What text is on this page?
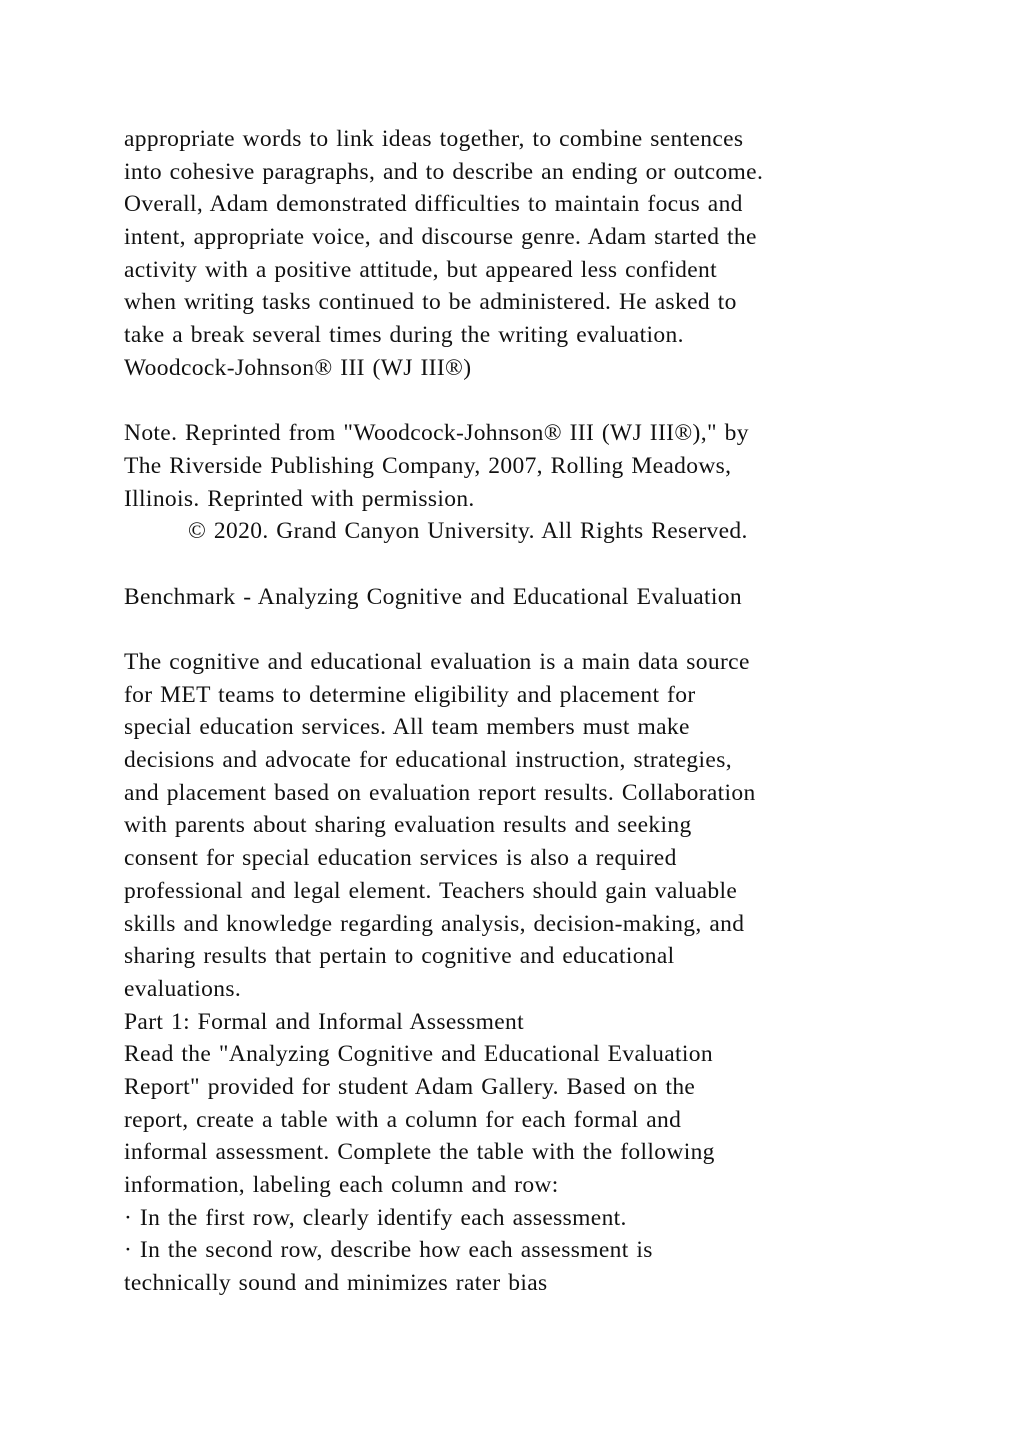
appropriate words to link ideas together, to combine sentences
into cohesive paragraphs, and to describe an ending or outcome.
Overall, Adam demonstrated difficulties to maintain focus and
intent, appropriate voice, and discourse genre. Adam started the
activity with a positive attitude, but appeared less confident
when writing tasks continued to be administered. He asked to
take a break several times during the writing evaluation.
Woodcock-Johnson® III (WJ III®)
Note. Reprinted from "Woodcock-Johnson® III (WJ III®)," by
The Riverside Publishing Company, 2007, Rolling Meadows,
Illinois. Reprinted with permission.
© 2020. Grand Canyon University. All Rights Reserved.
Benchmark - Analyzing Cognitive and Educational Evaluation
The cognitive and educational evaluation is a main data source
for MET teams to determine eligibility and placement for
special education services. All team members must make
decisions and advocate for educational instruction, strategies,
and placement based on evaluation report results. Collaboration
with parents about sharing evaluation results and seeking
consent for special education services is also a required
professional and legal element. Teachers should gain valuable
skills and knowledge regarding analysis, decision-making, and
sharing results that pertain to cognitive and educational
evaluations.
Part 1: Formal and Informal Assessment
Read the "Analyzing Cognitive and Educational Evaluation
Report" provided for student Adam Gallery. Based on the
report, create a table with a column for each formal and
informal assessment. Complete the table with the following
information, labeling each column and row:
· In the first row, clearly identify each assessment.
· In the second row, describe how each assessment is
technically sound and minimizes rater bias
